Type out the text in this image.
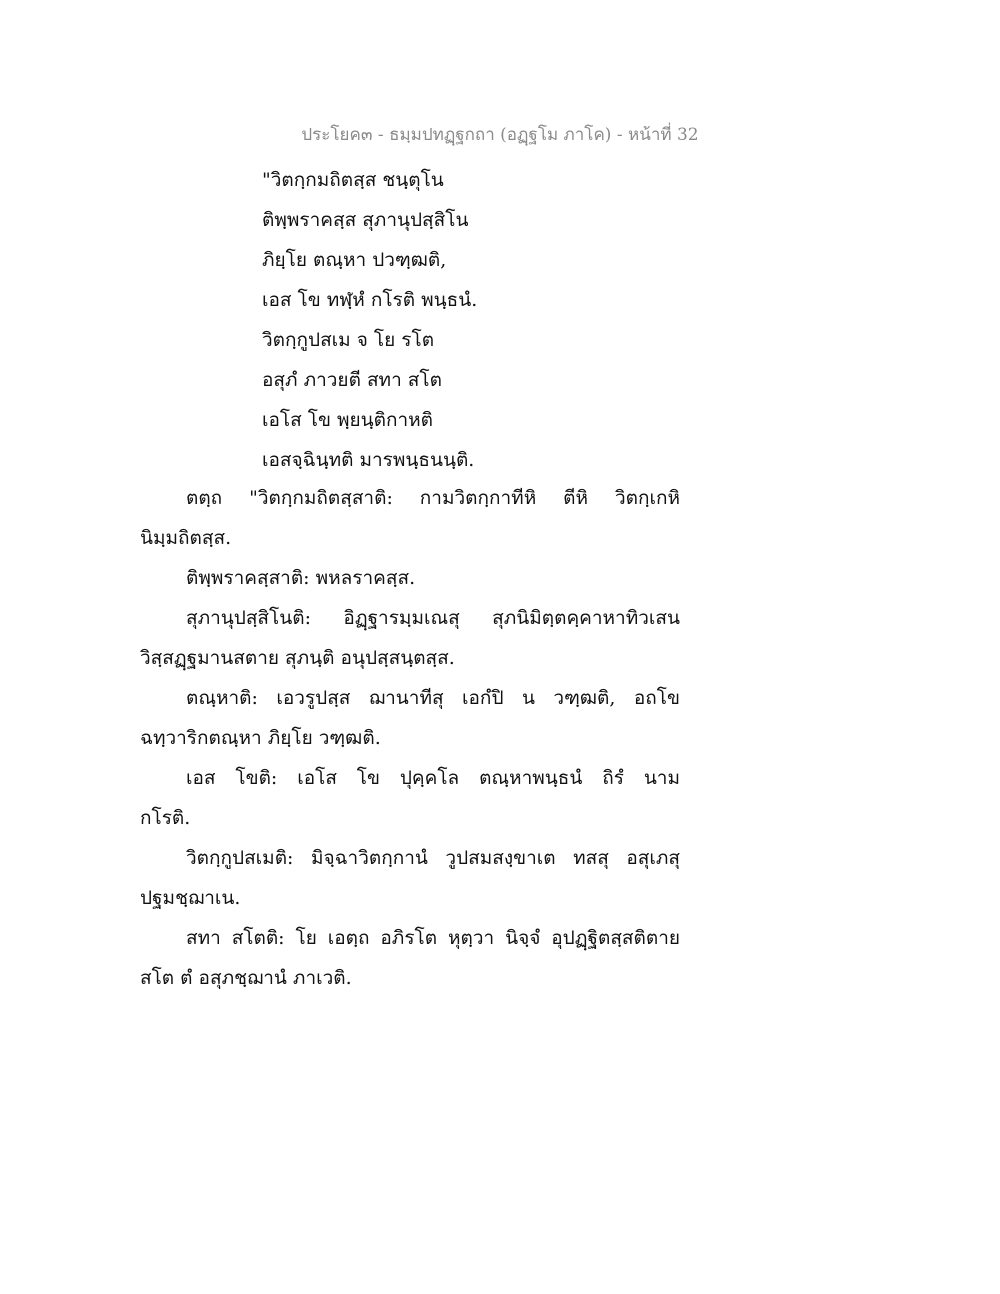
ประโยค๓ - ธมฺมปทฏฺฐกถา (อฏฺฐโม ภาโค) - หน้าที่ 32
"วิตกฺกมถิตสฺส ชนฺตุโน
ติพฺพราคสฺส สุภานุปสฺสิโน
ภิยฺโย ตณฺหา ปวฑฺฒติ,
เอส โข ทฬฺหํ กโรติ พนฺธนํ.
วิตกฺกูปสเม จ โย รโต
อสุภํ ภาวยตี สทา สโต
เอโส โข พฺยนฺติกาหติ
เอสจฺฉินฺทติ มารพนฺธนนฺติ.
ตตฺถ "วิตกฺกมถิตสฺสาติ: กามวิตกฺกาทีหิ ตีหิ วิตกฺเกหิ
นิมฺมถิตสฺส.
ติพฺพราคสฺสาติ: พหลราคสฺส.
สุภานุปสฺสิโนติ: อิฏฺฐารมฺมเณสุ สุภนิมิตฺตคฺคาหาทิวเสน
วิสฺสฏฺฐมานสตาย สุภนฺติ อนุปสฺสนฺตสฺส.
ตณฺหาติ: เอวรูปสฺส ฌานาทีสุ เอกํปิ น วฑฺฒติ, อถโข
ฉทฺวาริกตณฺหา ภิยฺโย วฑฺฒติ.
เอส โขติ: เอโส โข ปุคฺคโล ตณฺหาพนฺธนํ ถิรํ นาม
กโรติ.
วิตกฺกูปสเมติ: มิจฺฉาวิตกฺกานํ วูปสมสงฺขาเต ทสสุ อสุเภสุ
ปฐมชฺฌาเน.
สทา สโตติ: โย เอตฺถ อภิรโต หุตฺวา นิจฺจํ อุปฏฺฐิตสฺสติตาย
สโต ตํ อสุภชฺฌานํ ภาเวติ.
